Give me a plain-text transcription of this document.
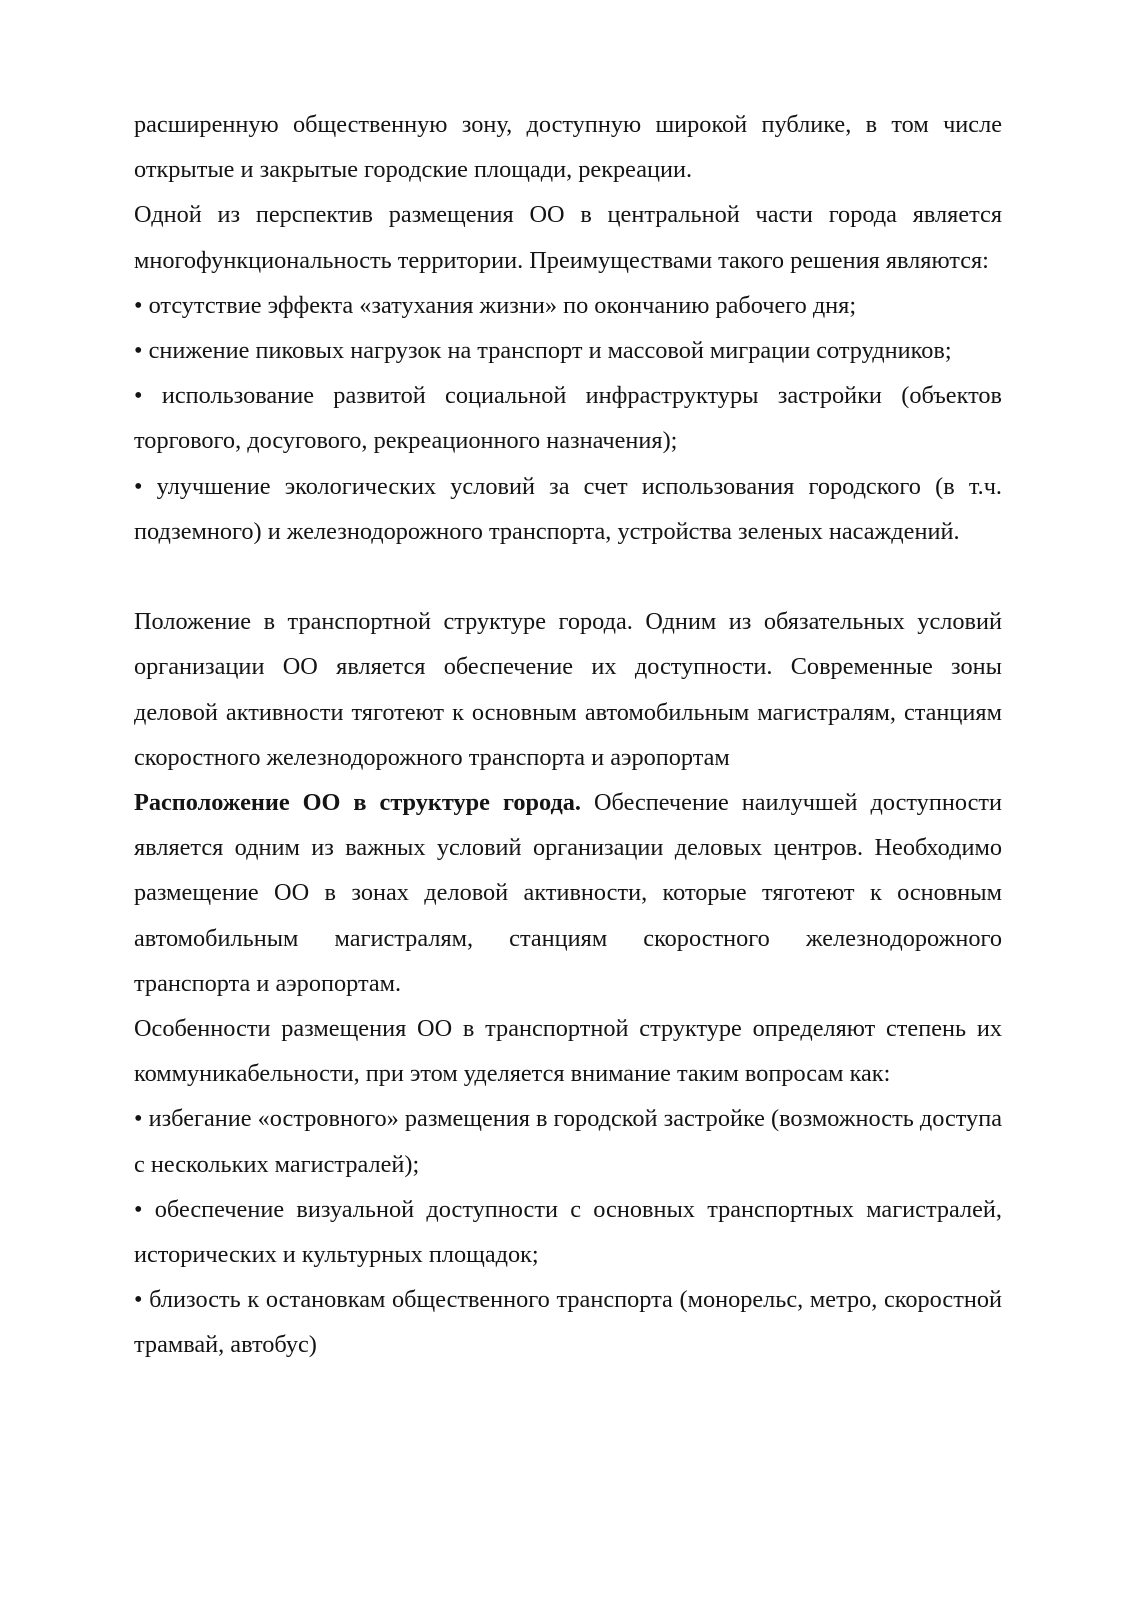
расширенную общественную зону, доступную широкой публике, в том числе открытые и закрытые городские площади, рекреации.

Одной из перспектив размещения ОО в центральной части города является многофункциональность территории. Преимуществами такого решения являются:

• отсутствие эффекта «затухания жизни» по окончанию рабочего дня;

• снижение пиковых нагрузок на транспорт и массовой миграции сотрудников;

• использование развитой социальной инфраструктуры застройки (объектов торгового, досугового, рекреационного назначения);

• улучшение экологических условий за счет использования городского (в т.ч. подземного) и железнодорожного транспорта, устройства зеленых насаждений.

Положение в транспортной структуре города. Одним из обязательных условий организации ОО является обеспечение их доступности. Современные зоны деловой активности тяготеют к основным автомобильным магистралям, станциям скоростного железнодорожного транспорта и аэропортам

Расположение ОО в структуре города. Обеспечение наилучшей доступности является одним из важных условий организации деловых центров. Необходимо размещение ОО в зонах деловой активности, которые тяготеют к основным автомобильным магистралям, станциям скоростного железнодорожного транспорта и аэропортам.

Особенности размещения ОО в транспортной структуре определяют степень их коммуникабельности, при этом уделяется внимание таким вопросам как:

• избегание «островного» размещения в городской застройке (возможность доступа с нескольких магистралей);

• обеспечение визуальной доступности с основных транспортных магистралей, исторических и культурных площадок;

• близость к остановкам общественного транспорта (монорельс, метро, скоростной трамвай, автобус)
